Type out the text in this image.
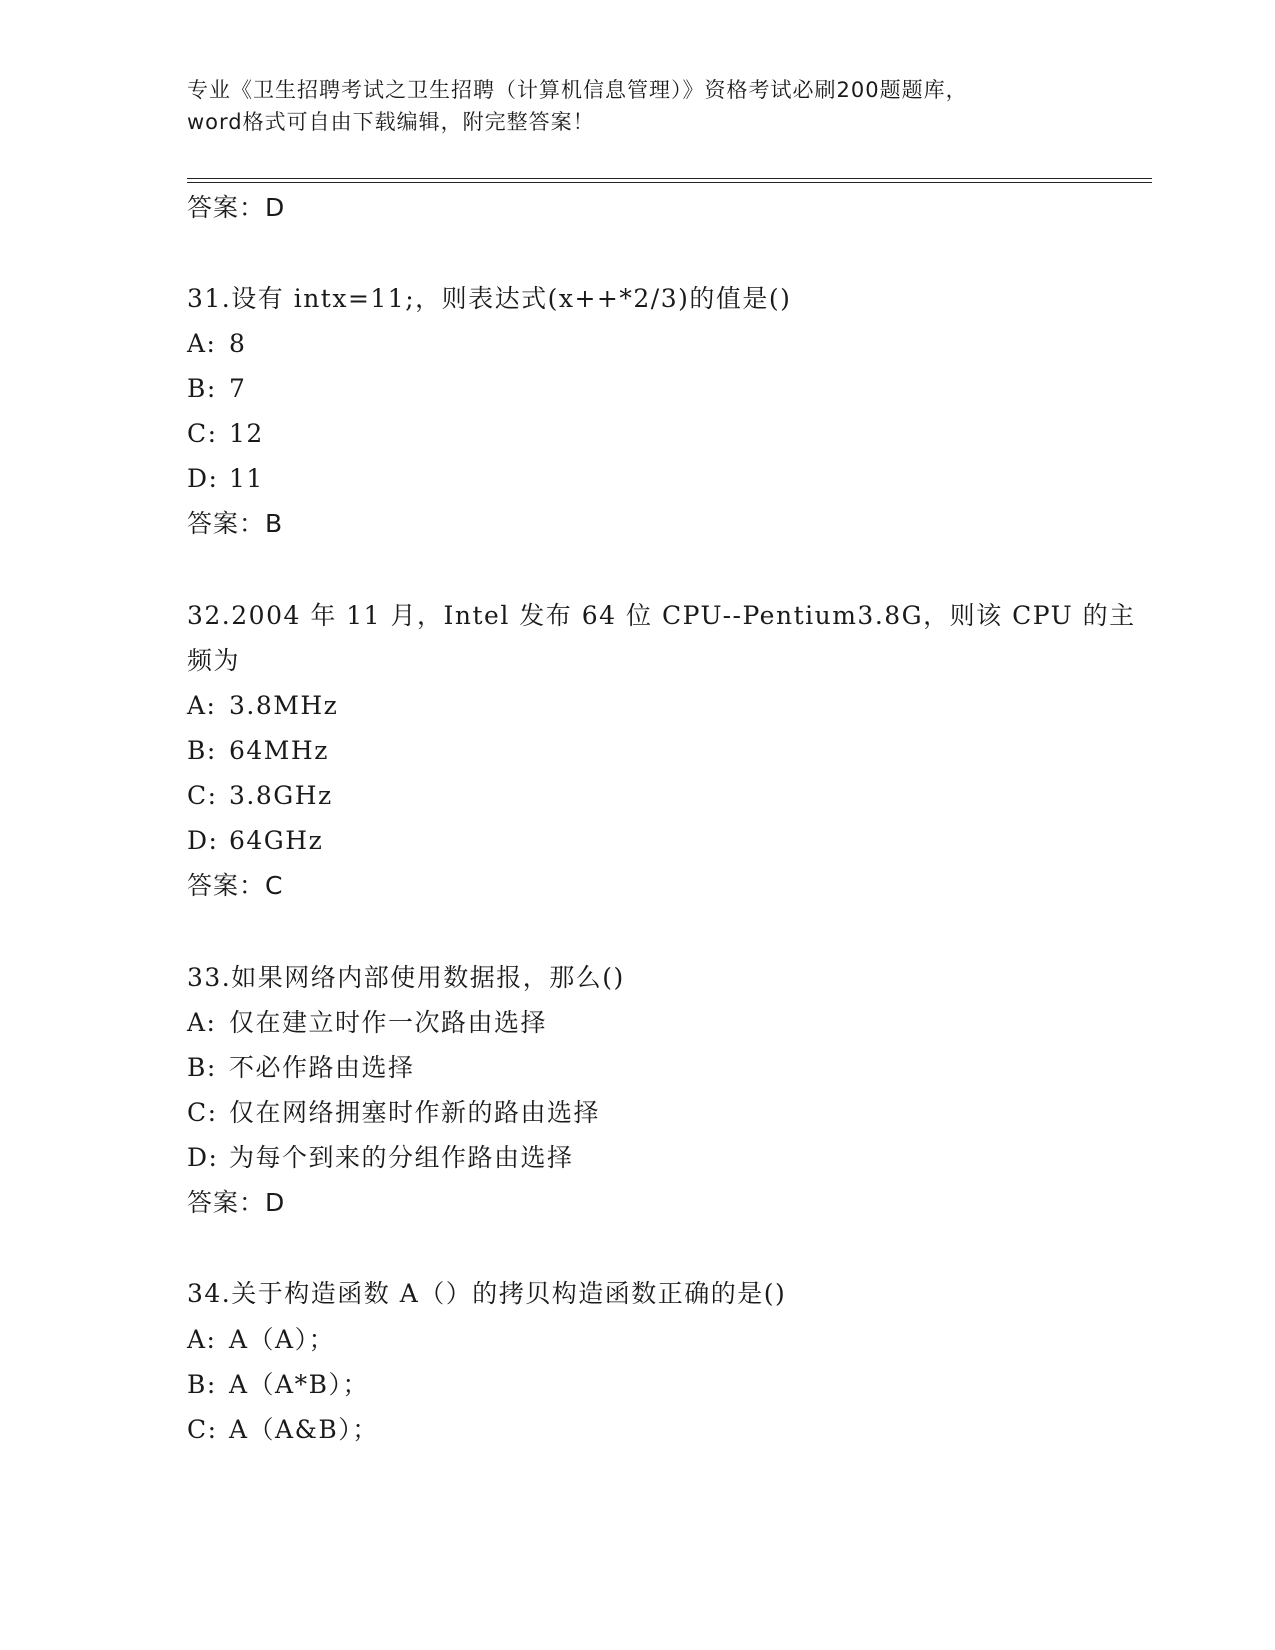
专业《卫生招聘考试之卫生招聘（计算机信息管理）》资格考试必刷200题题库，
word格式可自由下载编辑，附完整答案！
答案：D
31.设有 intx=11;，则表达式(x++*2/3)的值是()
A: 8
B: 7
C: 12
D: 11
答案：B
32.2004 年 11 月，Intel 发布 64 位 CPU--Pentium3.8G，则该 CPU 的主
频为
A: 3.8MHz
B: 64MHz
C: 3.8GHz
D: 64GHz
答案：C
33.如果网络内部使用数据报，那么()
A: 仅在建立时作一次路由选择
B: 不必作路由选择
C: 仅在网络拥塞时作新的路由选择
D: 为每个到来的分组作路由选择
答案：D
34.关于构造函数 A（）的拷贝构造函数正确的是()
A: A（A）；
B: A（A*B）；
C: A（A&B）；
